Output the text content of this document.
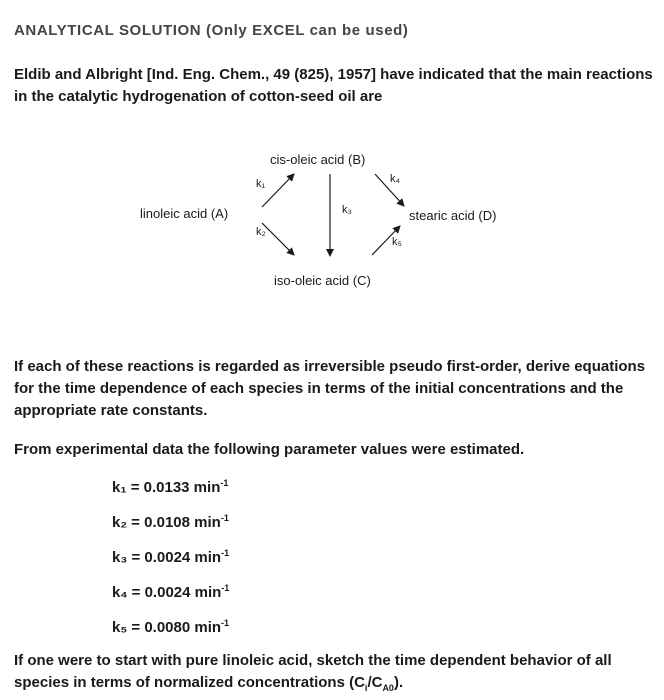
ANALYTICAL SOLUTION (Only EXCEL can be used)

Eldib and Albright [Ind. Eng. Chem., 49 (825), 1957] have indicated that the main reactions in the catalytic hydrogenation of cotton-seed oil are

cis-oleic acid (B)
linoleic acid (A)	stearic acid (D)
iso-oleic acid (C)
k₁
k₂
k₃
k₄
k₅

If each of these reactions is regarded as irreversible pseudo first-order, derive equations for the time dependence of each species in terms of the initial concentrations and the appropriate rate constants.

From experimental data the following parameter values were estimated.

k₁ = 0.0133 $\min^{-1}$
k₂ = 0.0108 $\min^{-1}$
k₃ = 0.0024 $\min^{-1}$
k₄ = 0.0024 $\min^{-1}$
k₅ = 0.0080 $\min^{-1}$

If one were to start with pure linoleic acid, sketch the time dependent behavior of all species in terms of normalized concentrations $(C_i/C_{A0})$.
